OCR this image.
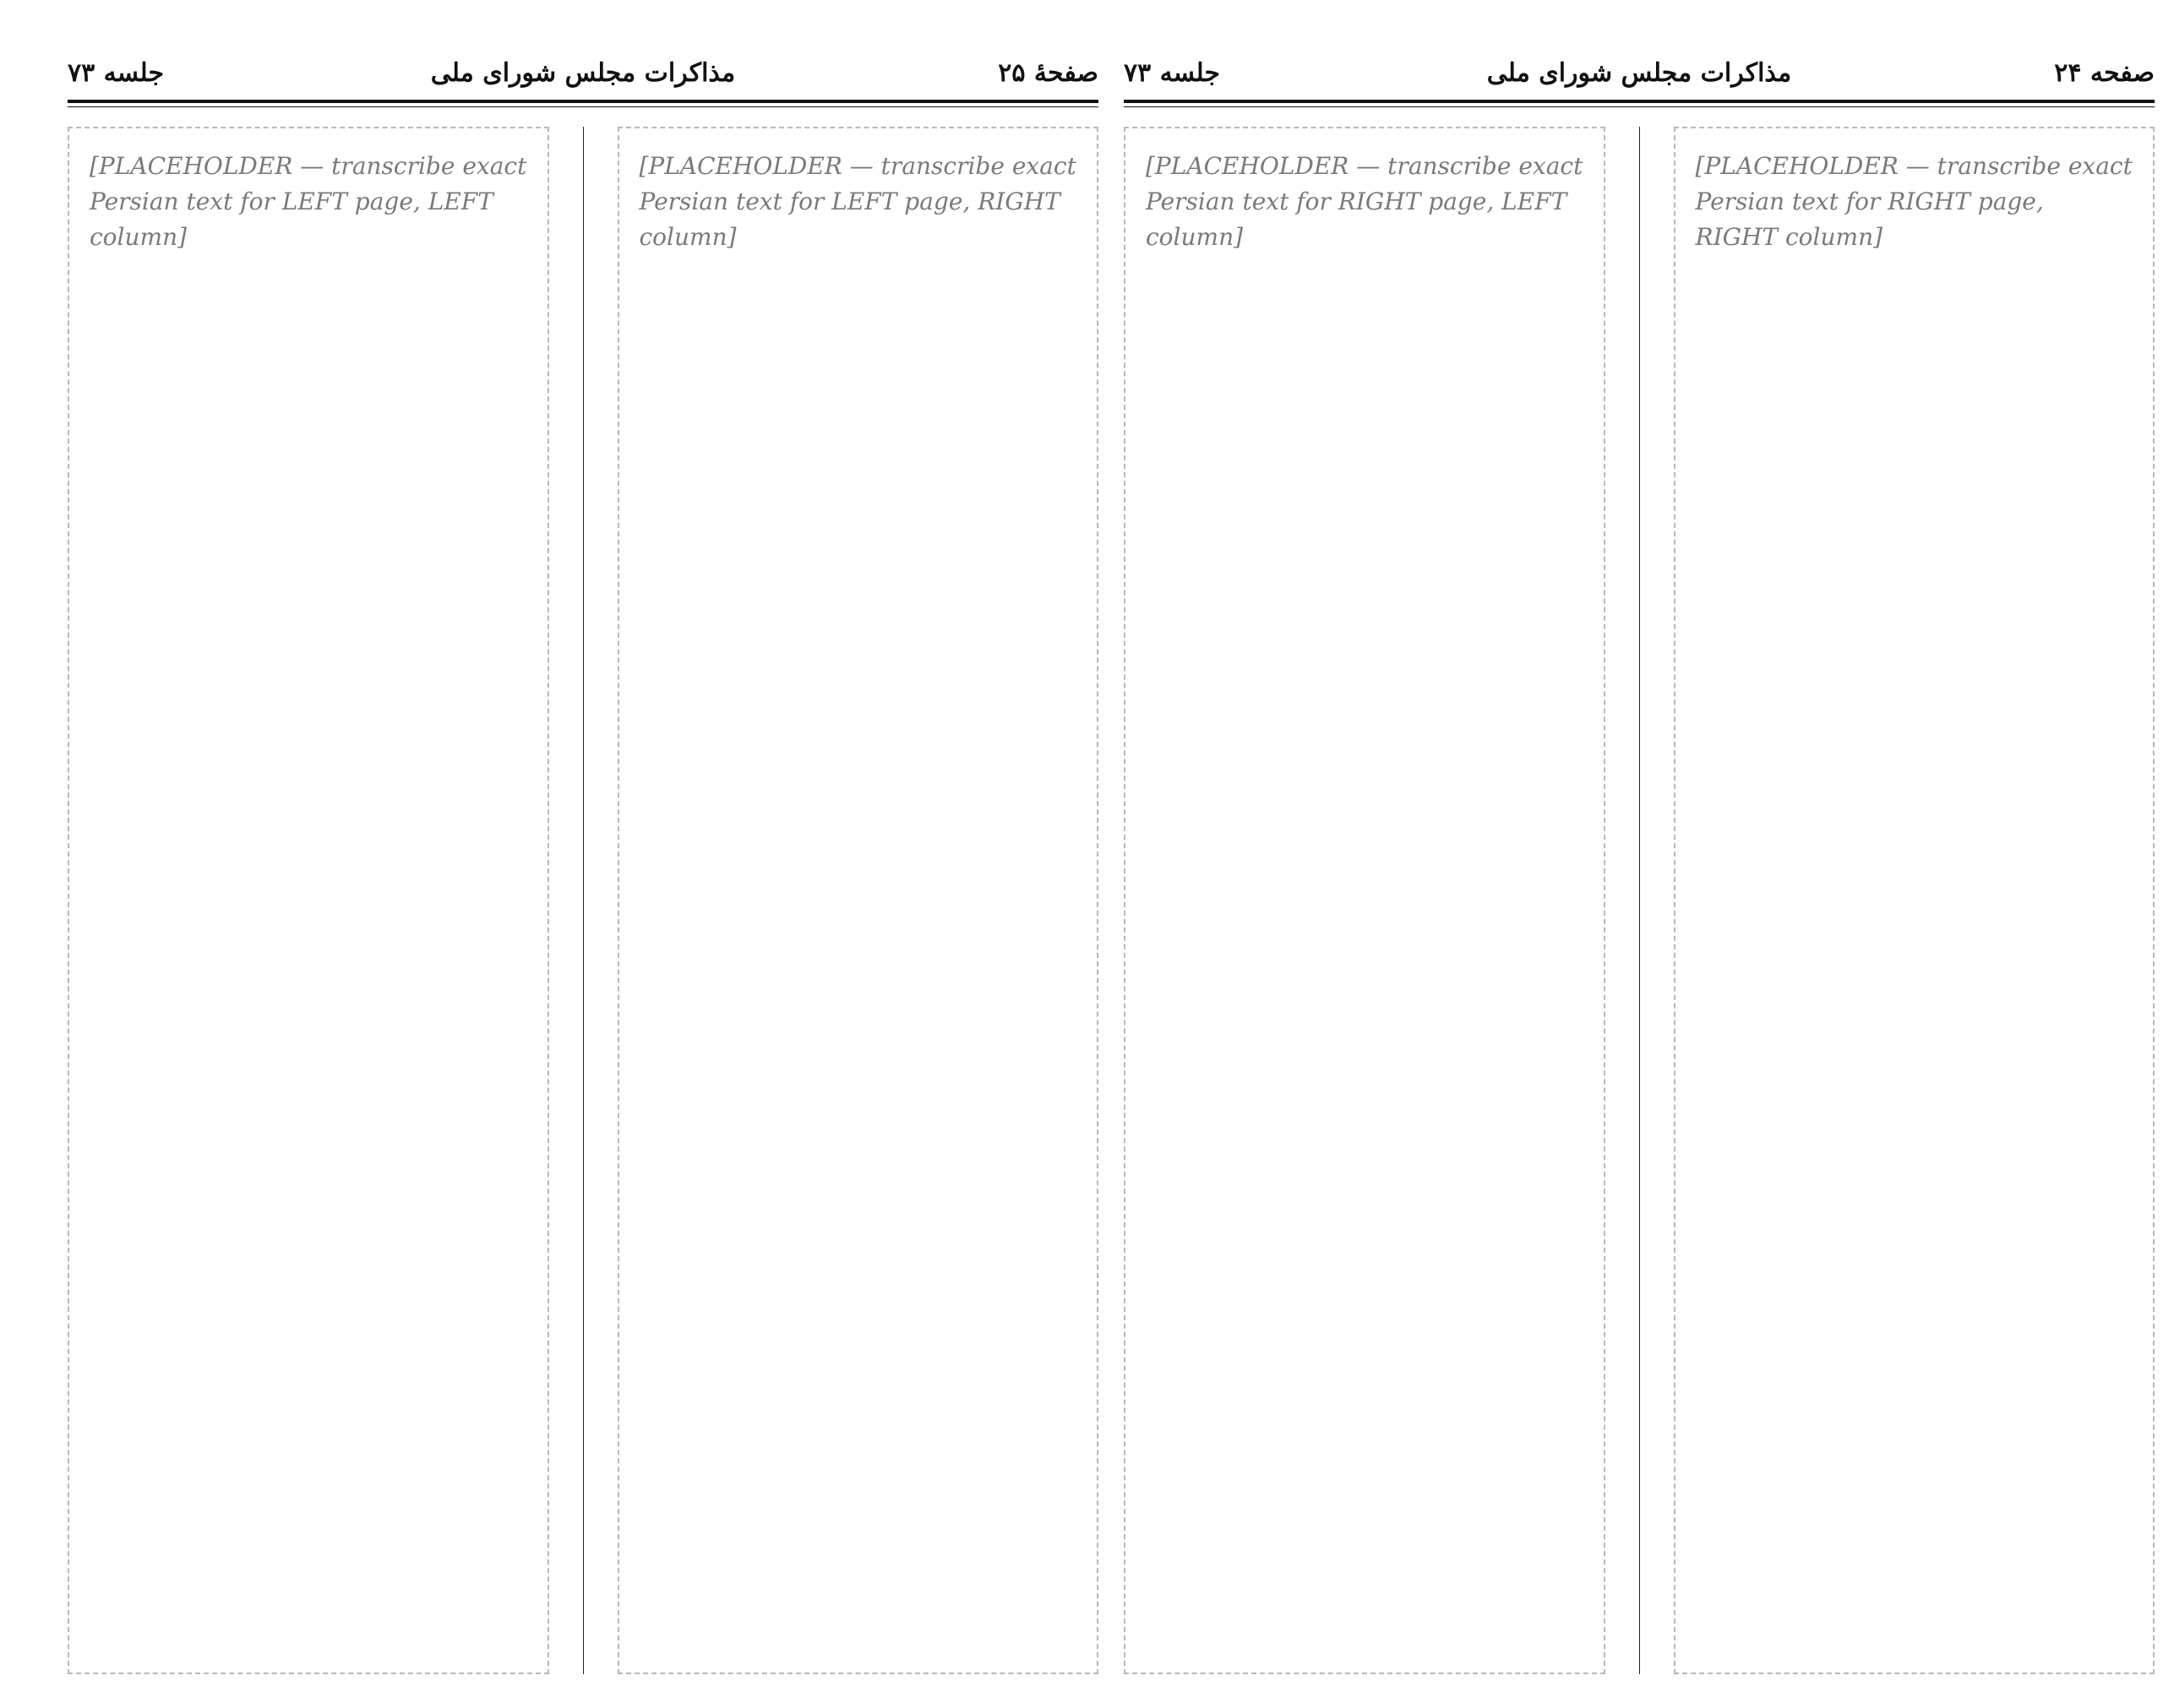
صفحهٔ ۲۵
مذاکرات مجلس شورای ملی
جلسه ۷۳
[PLACEHOLDER — transcribe exact Persian text for LEFT page, RIGHT column]
[PLACEHOLDER — transcribe exact Persian text for LEFT page, LEFT column]
صفحه ۲۴
مذاکرات مجلس شورای ملی
جلسه ۷۳
[PLACEHOLDER — transcribe exact Persian text for RIGHT page, RIGHT column]
[PLACEHOLDER — transcribe exact Persian text for RIGHT page, LEFT column]
